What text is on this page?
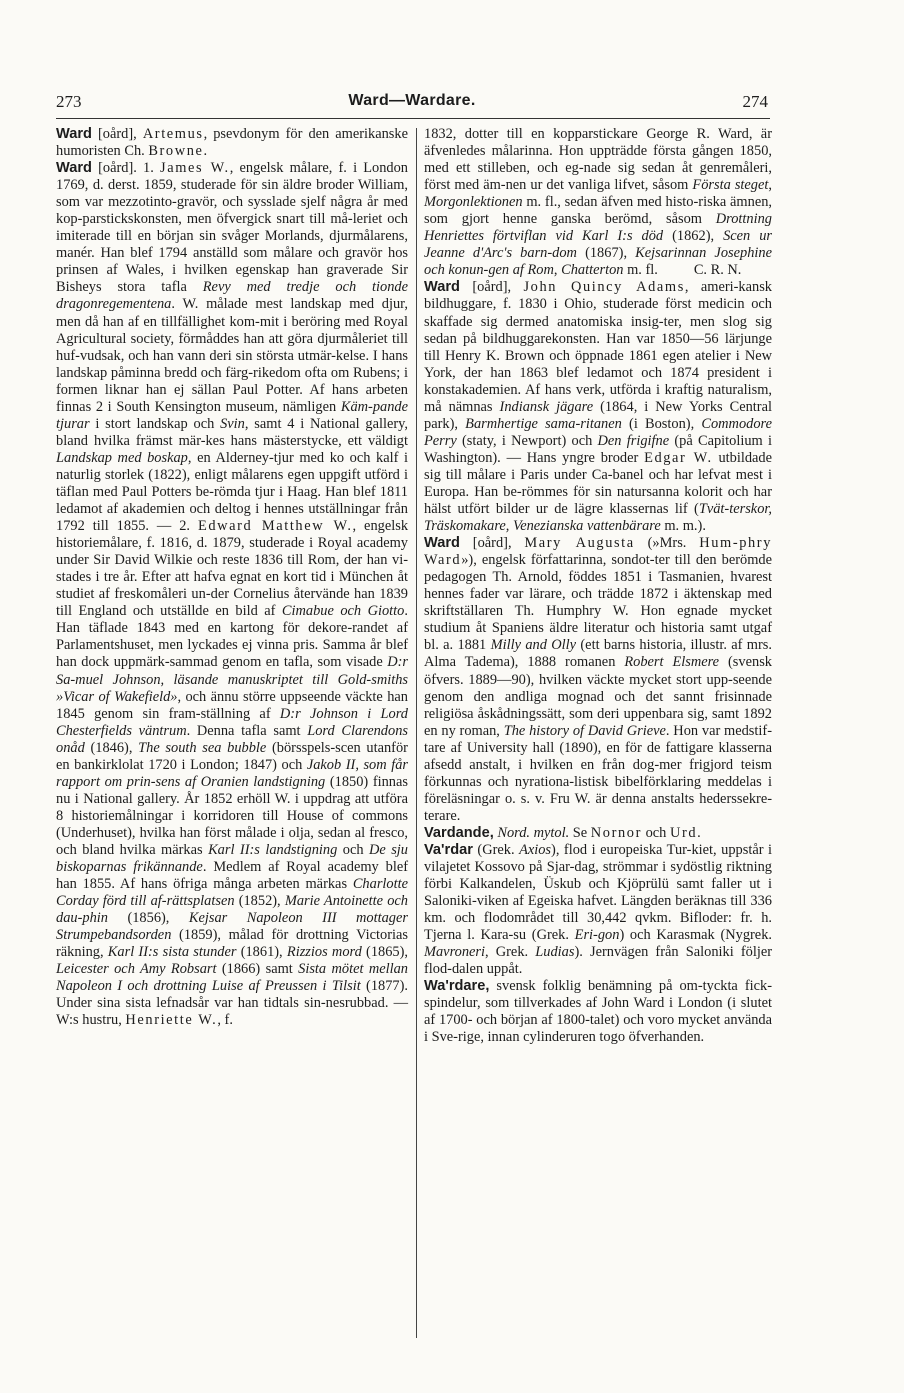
273	Ward—Wardare.	274

Ward [oård], Artemus, psevdonym för den amerikanske humoristen Ch. Browne.

Ward [oård]. 1. James W., engelsk målare, f. i London 1769, d. derst. 1859, studerade för sin äldre broder William, som var mezzotinto-gravör, och sysslade sjelf några år med kop-parstickskonsten, men öfvergick snart till må-leriet och imiterade till en början sin svåger Morlands, djurmålarens, manér. Han blef 1794 anställd som målare och gravör hos prinsen af Wales, i hvilken egenskap han graverade Sir Bisheys stora tafla Revy med tredje och tionde dragonregementena. W. målade mest landskap med djur, men då han af en tillfällighet kom-mit i beröring med Royal Agricultural society, förmåddes han att göra djurmåleriet till huf-vudsak, och han vann deri sin största utmär-kelse. I hans landskap påminna bredd och färg-rikedom ofta om Rubens; i formen liknar han ej sällan Paul Potter. Af hans arbeten finnas 2 i South Kensington museum, nämligen Käm-pande tjurar i stort landskap och Svin, samt 4 i National gallery, bland hvilka främst mär-kes hans mästerstycke, ett väldigt Landskap med boskap, en Alderney-tjur med ko och kalf i naturlig storlek (1822), enligt målarens egen uppgift utförd i täflan med Paul Potters be-römda tjur i Haag. Han blef 1811 ledamot af akademien och deltog i hennes utställningar från 1792 till 1855. — 2. Edward Matthew W., engelsk historiemålare, f. 1816, d. 1879, studerade i Royal academy under Sir David Wilkie och reste 1836 till Rom, der han vi-stades i tre år. Efter att hafva egnat en kort tid i München åt studiet af freskomåleri un-der Cornelius återvände han 1839 till England och utställde en bild af Cimabue och Giotto. Han täflade 1843 med en kartong för dekore-randet af Parlamentshuset, men lyckades ej vinna pris. Samma år blef han dock uppmärk-sammad genom en tafla, som visade D:r Sa-muel Johnson, läsande manuskriptet till Gold-smiths »Vicar of Wakefield», och ännu större uppseende väckte han 1845 genom sin fram-ställning af D:r Johnson i Lord Chesterfields väntrum. Denna tafla samt Lord Clarendons onåd (1846), The south sea bubble (börsspels-scen utanför en bankirklolat 1720 i London; 1847) och Jakob II, som får rapport om prin-sens af Oranien landstigning (1850) finnas nu i National gallery. År 1852 erhöll W. i uppdrag att utföra 8 historiemålningar i korridoren till House of commons (Underhuset), hvilka han först målade i olja, sedan al fresco, och bland hvilka märkas Karl II:s landstigning och De sju biskoparnas frikännande. Medlem af Royal academy blef han 1855. Af hans öfriga många arbeten märkas Charlotte Corday förd till af-rättsplatsen (1852), Marie Antoinette och dau-phin (1856), Kejsar Napoleon III mottager Strumpebandsorden (1859), målad för drottning Victorias räkning, Karl II:s sista stunder (1861), Rizzios mord (1865), Leicester och Amy Robsart (1866) samt Sista mötet mellan Napoleon I och drottning Luise af Preussen i Tilsit (1877). Under sina sista lefnadsår var han tidtals sin-nesrubbad. — W:s hustru, Henriette W., f.

1832, dotter till en kopparstickare George R. Ward, är äfvenledes målarinna. Hon uppträdde första gången 1850, med ett stilleben, och eg-nade sig sedan åt genremåleri, först med äm-nen ur det vanliga lifvet, såsom Första steget, Morgonlektionen m. fl., sedan äfven med histo-riska ämnen, som gjort henne ganska berömd, såsom Drottning Henriettes förtviflan vid Karl I:s död (1862), Scen ur Jeanne d'Arc's barn-dom (1867), Kejsarinnan Josephine och konun-gen af Rom, Chatterton m. fl.          C. R. N.

Ward [oård], John Quincy Adams, ameri-kansk bildhuggare, f. 1830 i Ohio, studerade först medicin och skaffade sig dermed anatomiska insig-ter, men slog sig sedan på bildhuggarekonsten. Han var 1850—56 lärjunge till Henry K. Brown och öppnade 1861 egen atelier i New York, der han 1863 blef ledamot och 1874 president i konstakademien. Af hans verk, utförda i kraftig naturalism, må nämnas Indiansk jägare (1864, i New Yorks Central park), Barmhertige sama-ritanen (i Boston), Commodore Perry (staty, i Newport) och Den frigifne (på Capitolium i Washington). — Hans yngre broder Edgar W. utbildade sig till målare i Paris under Ca-banel och har lefvat mest i Europa. Han be-römmes för sin natursanna kolorit och har hälst utfört bilder ur de lägre klassernas lif (Tvät-terskor, Träskomakare, Venezianska vattenbärare m. m.).

Ward [oård], Mary Augusta (»Mrs. Hum-phry Ward»), engelsk författarinna, sondot-ter till den berömde pedagogen Th. Arnold, föddes 1851 i Tasmanien, hvarest hennes fader var lärare, och trädde 1872 i äktenskap med skriftställaren Th. Humphry W. Hon egnade mycket studium åt Spaniens äldre literatur och historia samt utgaf bl. a. 1881 Milly and Olly (ett barns historia, illustr. af mrs. Alma Tadema), 1888 romanen Robert Elsmere (svensk öfvers. 1889—90), hvilken väckte mycket stort upp-seende genom den andliga mognad och det sannt frisinnade religiösa åskådningssätt, som deri uppenbara sig, samt 1892 en ny roman, The history of David Grieve. Hon var medstif-tare af University hall (1890), en för de fattigare klasserna afsedd anstalt, i hvilken en från dog-mer frigjord teism förkunnas och nyrationa-listisk bibelförklaring meddelas i föreläsningar o. s. v. Fru W. är denna anstalts hederssekre-terare.

Vardande, Nord. mytol. Se Nornor och Urd.

Va'rdar (Grek. Axios), flod i europeiska Tur-kiet, uppstår i vilajetet Kossovo på Sjar-dag, strömmar i sydöstlig riktning förbi Kalkandelen, Üskub och Kjöprülü samt faller ut i Saloniki-viken af Egeiska hafvet. Längden beräknas till 336 km. och flodområdet till 30,442 qvkm. Bifloder: fr. h. Tjerna l. Kara-su (Grek. Eri-gon) och Karasmak (Nygrek. Mavroneri, Grek. Ludias). Jernvägen från Saloniki följer flod-dalen uppåt.

Wa'rdare, svensk folklig benämning på om-tyckta fick-spindelur, som tillverkades af John Ward i London (i slutet af 1700- och början af 1800-talet) och voro mycket använda i Sve-rige, innan cylinderuren togo öfverhanden.
